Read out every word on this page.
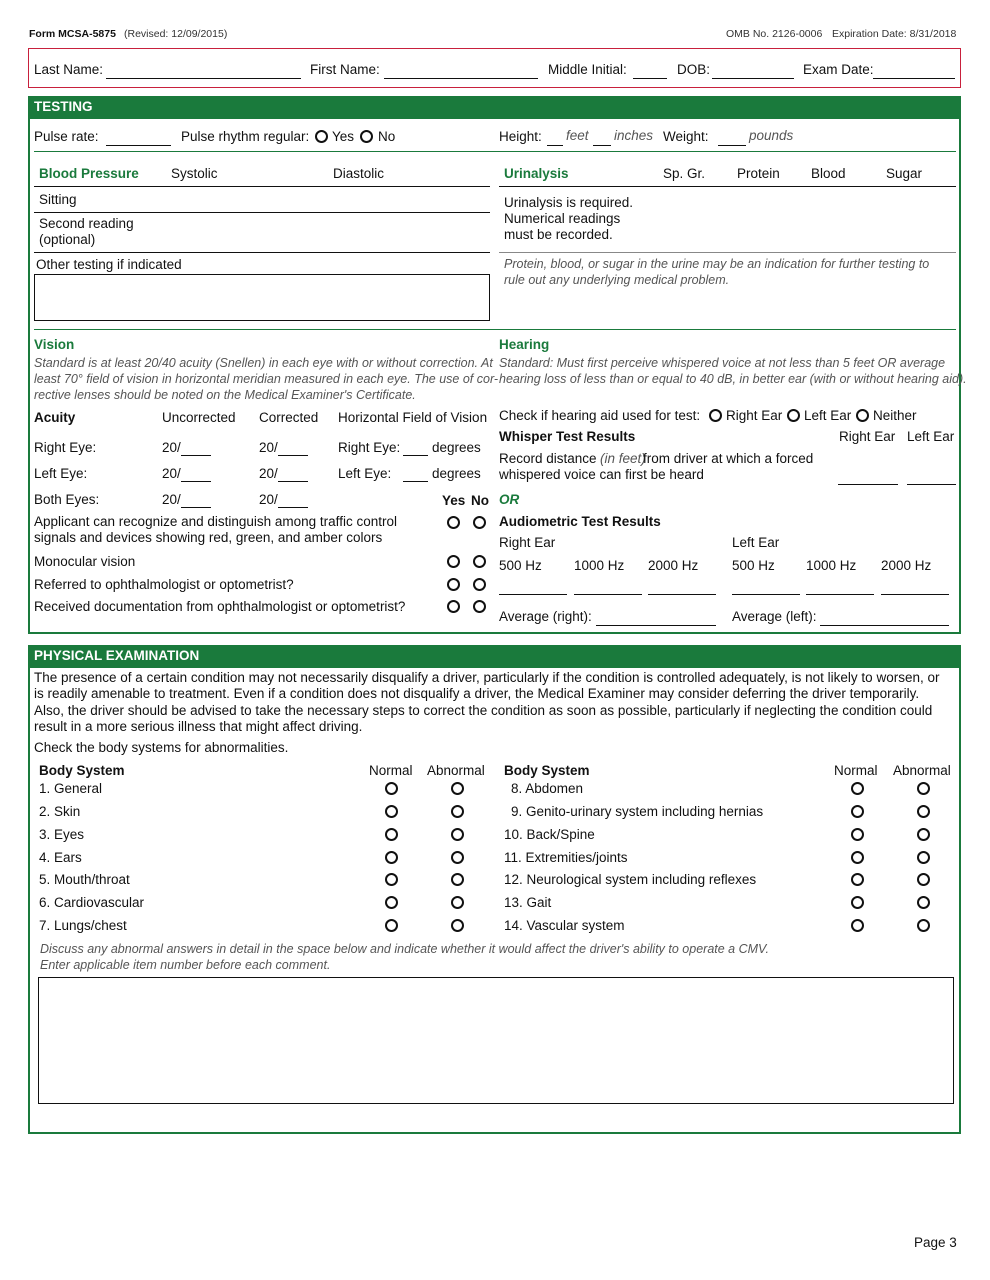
Form MCSA-5875 (Revised: 12/09/2015)	OMB No. 2126-0006 Expiration Date: 8/31/2018
Last Name:	First Name:	Middle Initial:	DOB:	Exam Date:
TESTING
Pulse rate:	Pulse rhythm regular: Yes No	Height: feet inches Weight:	pounds
Blood Pressure Systolic	Diastolic
Sitting
Second reading
(optional)
Other testing if indicated
Urinalysis	Sp. Gr. Protein Blood	Sugar
Urinalysis is required.
Numerical readings
must be recorded.
Protein, blood, or sugar in the urine may be an indication for further testing to
rule out any underlying medical problem.
Vision
Standard is at least 20/40 acuity (Snellen) in each eye with or without correction. At
least 70° field of vision in horizontal meridian measured in each eye. The use of cor-
rective lenses should be noted on the Medical Examiner's Certificate.
Acuity	Uncorrected Corrected Horizontal Field of Vision
Right Eye:	20/	20/	Right Eye: degrees
Left Eye:	20/	20/	Left Eye:	degrees
Both Eyes:	20/	20/	Yes No
Applicant can recognize and distinguish among traffic control
signals and devices showing red, green, and amber colors
Monocular vision
Referred to ophthalmologist or optometrist?
Received documentation from ophthalmologist or optometrist?
Hearing
Standard: Must first perceive whispered voice at not less than 5 feet OR average
hearing loss of less than or equal to 40 dB, in better ear (with or without hearing aid).
Check if hearing aid used for test: Right Ear Left Ear Neither
Whisper Test Results	Right Ear Left Ear
Record distance (in feet)
from driver at which a forced
whispered voice can first be heard
OR
Audiometric Test Results
Right Ear	Left Ear
500 Hz 1000 Hz 2000 Hz 500 Hz 1000 Hz 2000 Hz
Average (right):	Average (left):
PHYSICAL EXAMINATION
The presence of a certain condition may not necessarily disqualify a driver, particularly if the condition is controlled adequately, is not likely to worsen, or
is readily amenable to treatment. Even if a condition does not disqualify a driver, the Medical Examiner may consider deferring the driver temporarily.
Also, the driver should be advised to take the necessary steps to correct the condition as soon as possible, particularly if neglecting the condition could
result in a more serious illness that might affect driving.
Check the body systems for abnormalities.
Body System	Normal Abnormal Body System	Normal Abnormal
1. General
2. Skin
3. Eyes
4. Ears
5. Mouth/throat
6. Cardiovascular
7. Lungs/chest
8. Abdomen
9. Genito-urinary system including hernias
10. Back/Spine
11. Extremities/joints
12. Neurological system including reflexes
13. Gait
14. Vascular system
Discuss any abnormal answers in detail in the space below and indicate whether it would affect the driver's ability to operate a CMV.
Enter applicable item number before each comment.
Page 3
